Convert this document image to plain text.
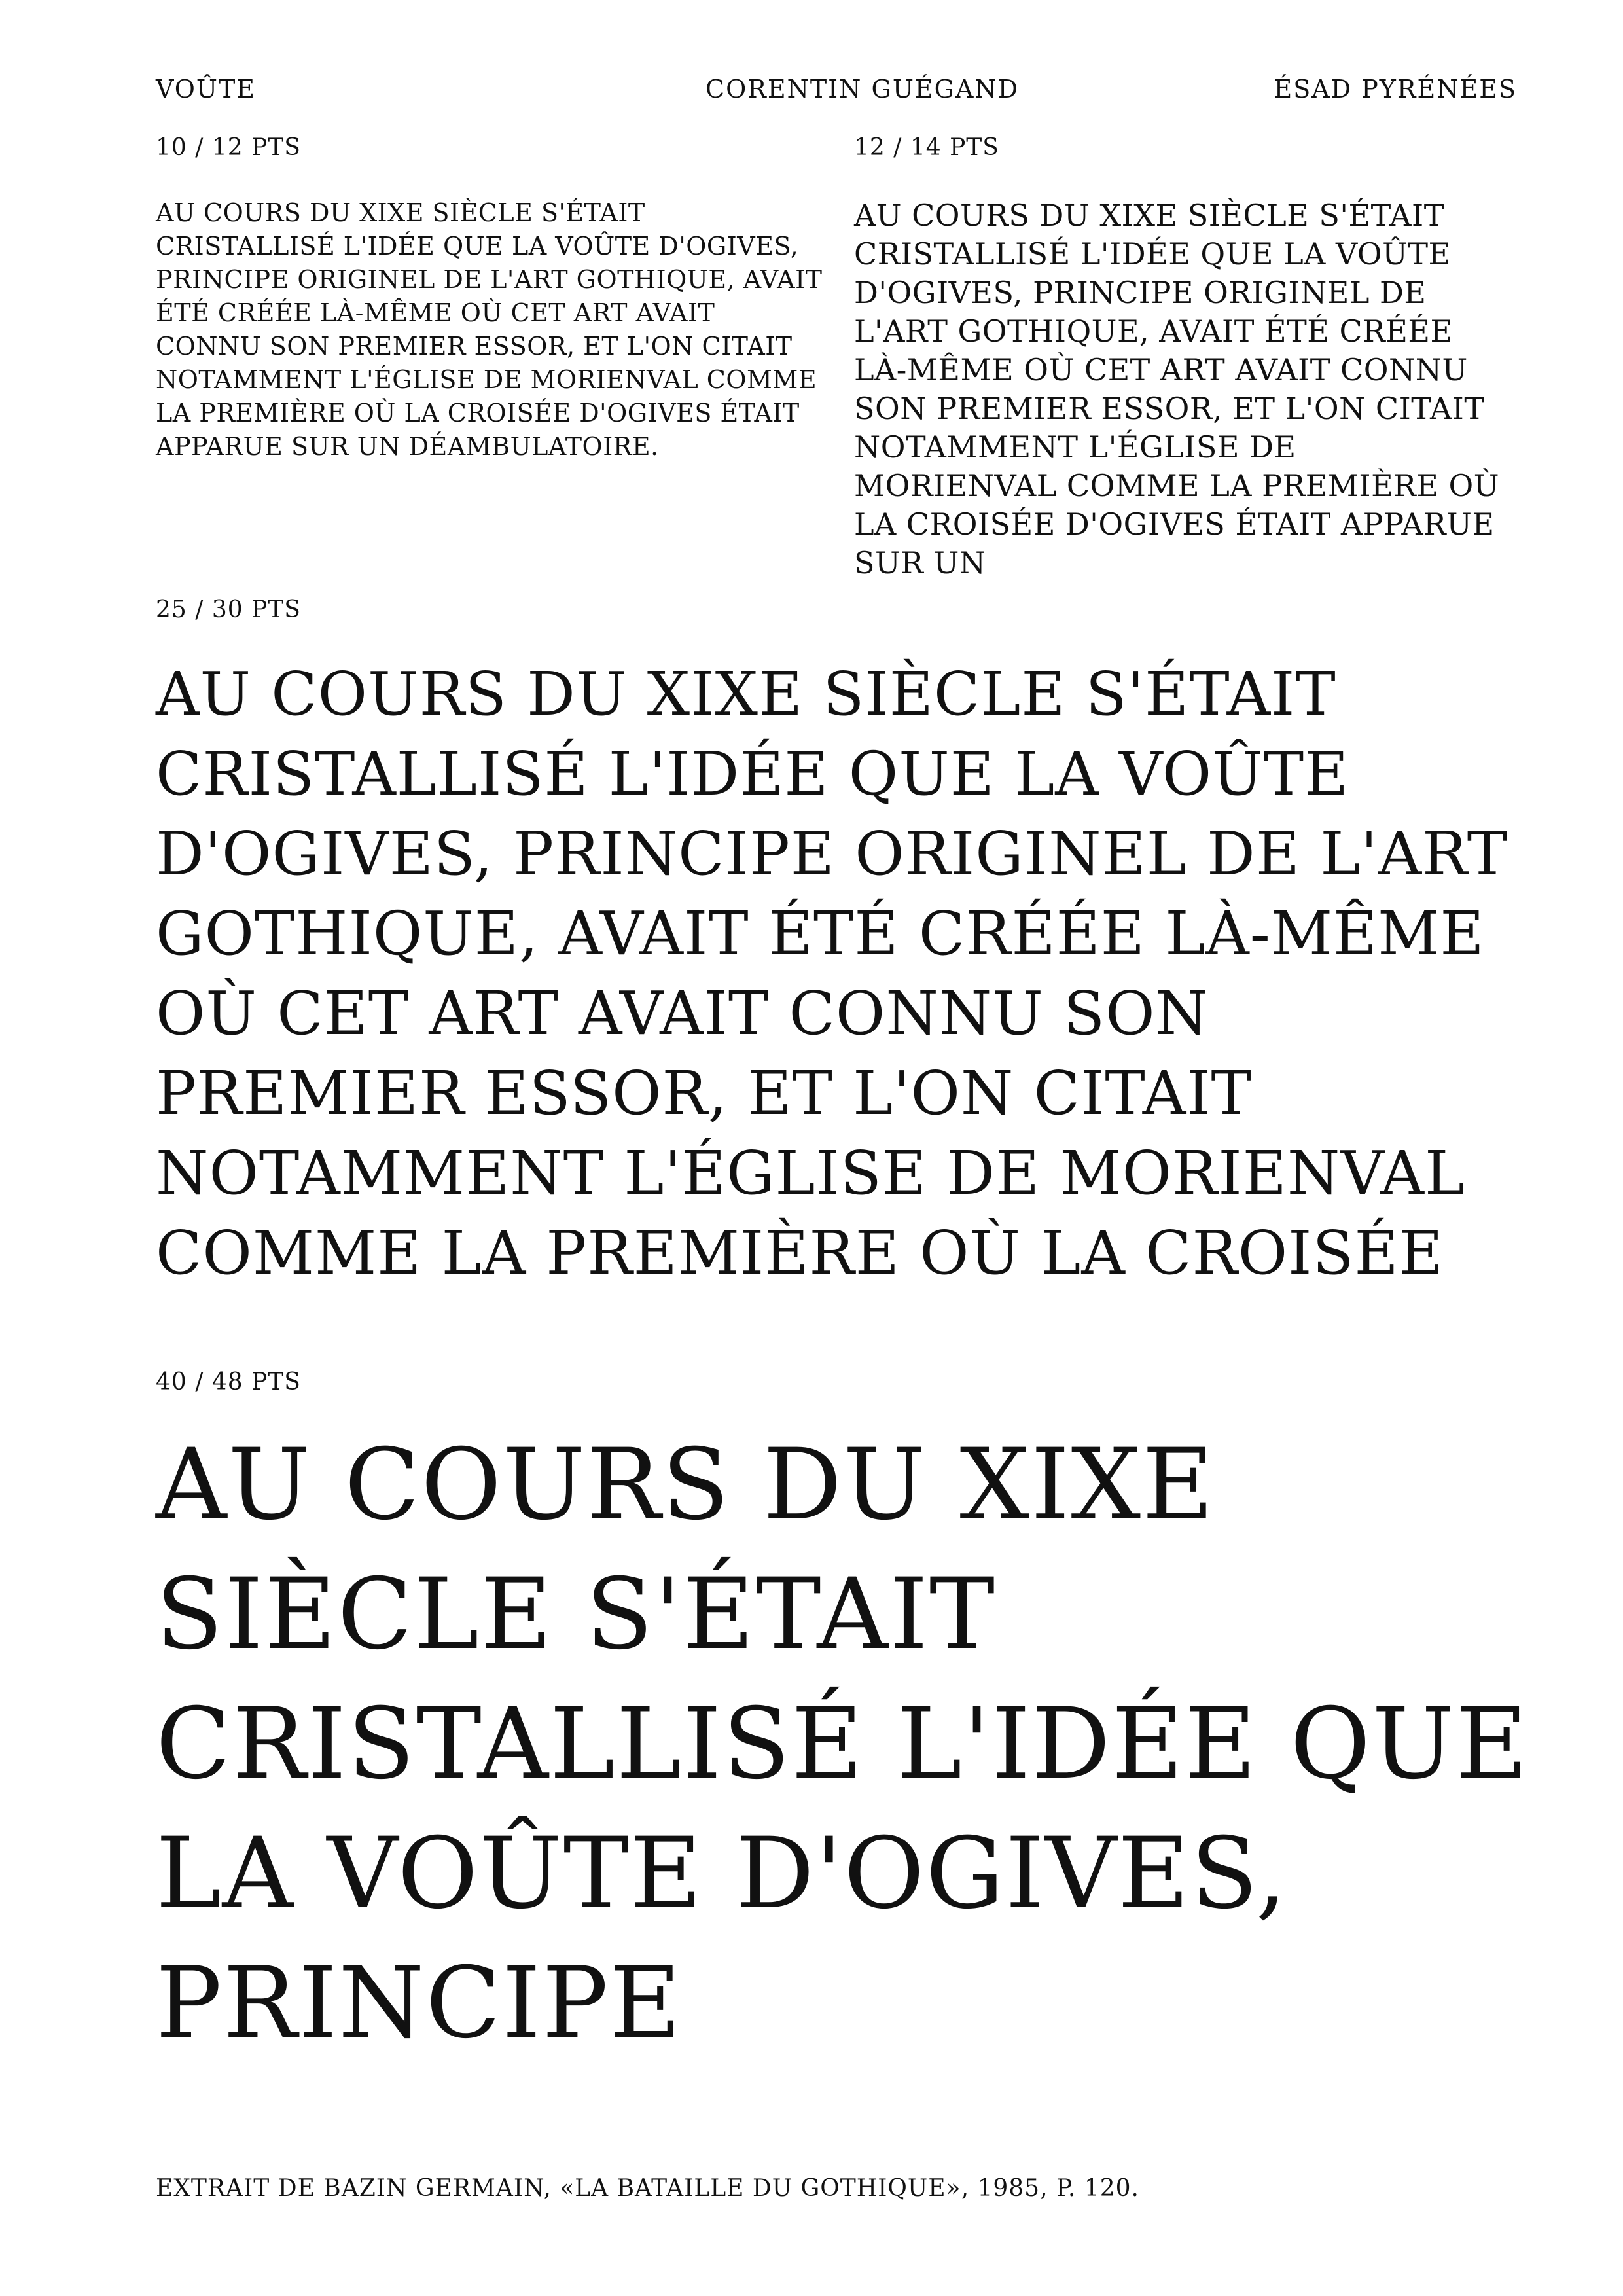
VOÛTE	CORENTIN GUÉGAND	ÉSAD PYRÉNÉES
10 / 12 PTS

AU COURS DU XIXE SIÈCLE S'ÉTAIT CRISTALLISÉ L'IDÉE QUE LA VOÛTE D'OGIVES, PRINCIPE ORIGINEL DE L'ART GOTHIQUE, AVAIT ÉTÉ CRÉÉE LÀ-MÊME OÙ CET ART AVAIT CONNU SON PREMIER ESSOR, ET L'ON CITAIT NOTAMMENT L'ÉGLISE DE MORIENVAL COMME LA PREMIÈRE OÙ LA CROISÉE D'OGIVES ÉTAIT APPARUE SUR UN DÉAMBULATOIRE.

12 / 14 PTS

AU COURS DU XIXE SIÈCLE S'ÉTAIT CRISTALLISÉ L'IDÉE QUE LA VOÛTE D'OGIVES, PRINCIPE ORIGINEL DE L'ART GOTHIQUE, AVAIT ÉTÉ CRÉÉE LÀ-MÊME OÙ CET ART AVAIT CONNU SON PREMIER ESSOR, ET L'ON CITAIT NOTAMMENT L'ÉGLISE DE MORIENVAL COMME LA PREMIÈRE OÙ LA CROISÉE D'OGIVES ÉTAIT APPARUE SUR UN

25 / 30 PTS

AU COURS DU XIXE SIÈCLE S'ÉTAIT CRISTALLISÉ L'IDÉE QUE LA VOÛTE D'OGIVES, PRINCIPE ORIGINEL DE L'ART GOTHIQUE, AVAIT ÉTÉ CRÉÉE LÀ-MÊME OÙ CET ART AVAIT CONNU SON PREMIER ESSOR, ET L'ON CITAIT NOTAMMENT L'ÉGLISE DE MORIENVAL COMME LA PREMIÈRE OÙ LA CROISÉE

40 / 48 PTS

AU COURS DU XIXE SIÈCLE S'ÉTAIT CRISTALLISÉ L'IDÉE QUE LA VOÛTE D'OGIVES, PRINCIPE

EXTRAIT DE BAZIN GERMAIN, «LA BATAILLE DU GOTHIQUE», 1985, P. 120.
